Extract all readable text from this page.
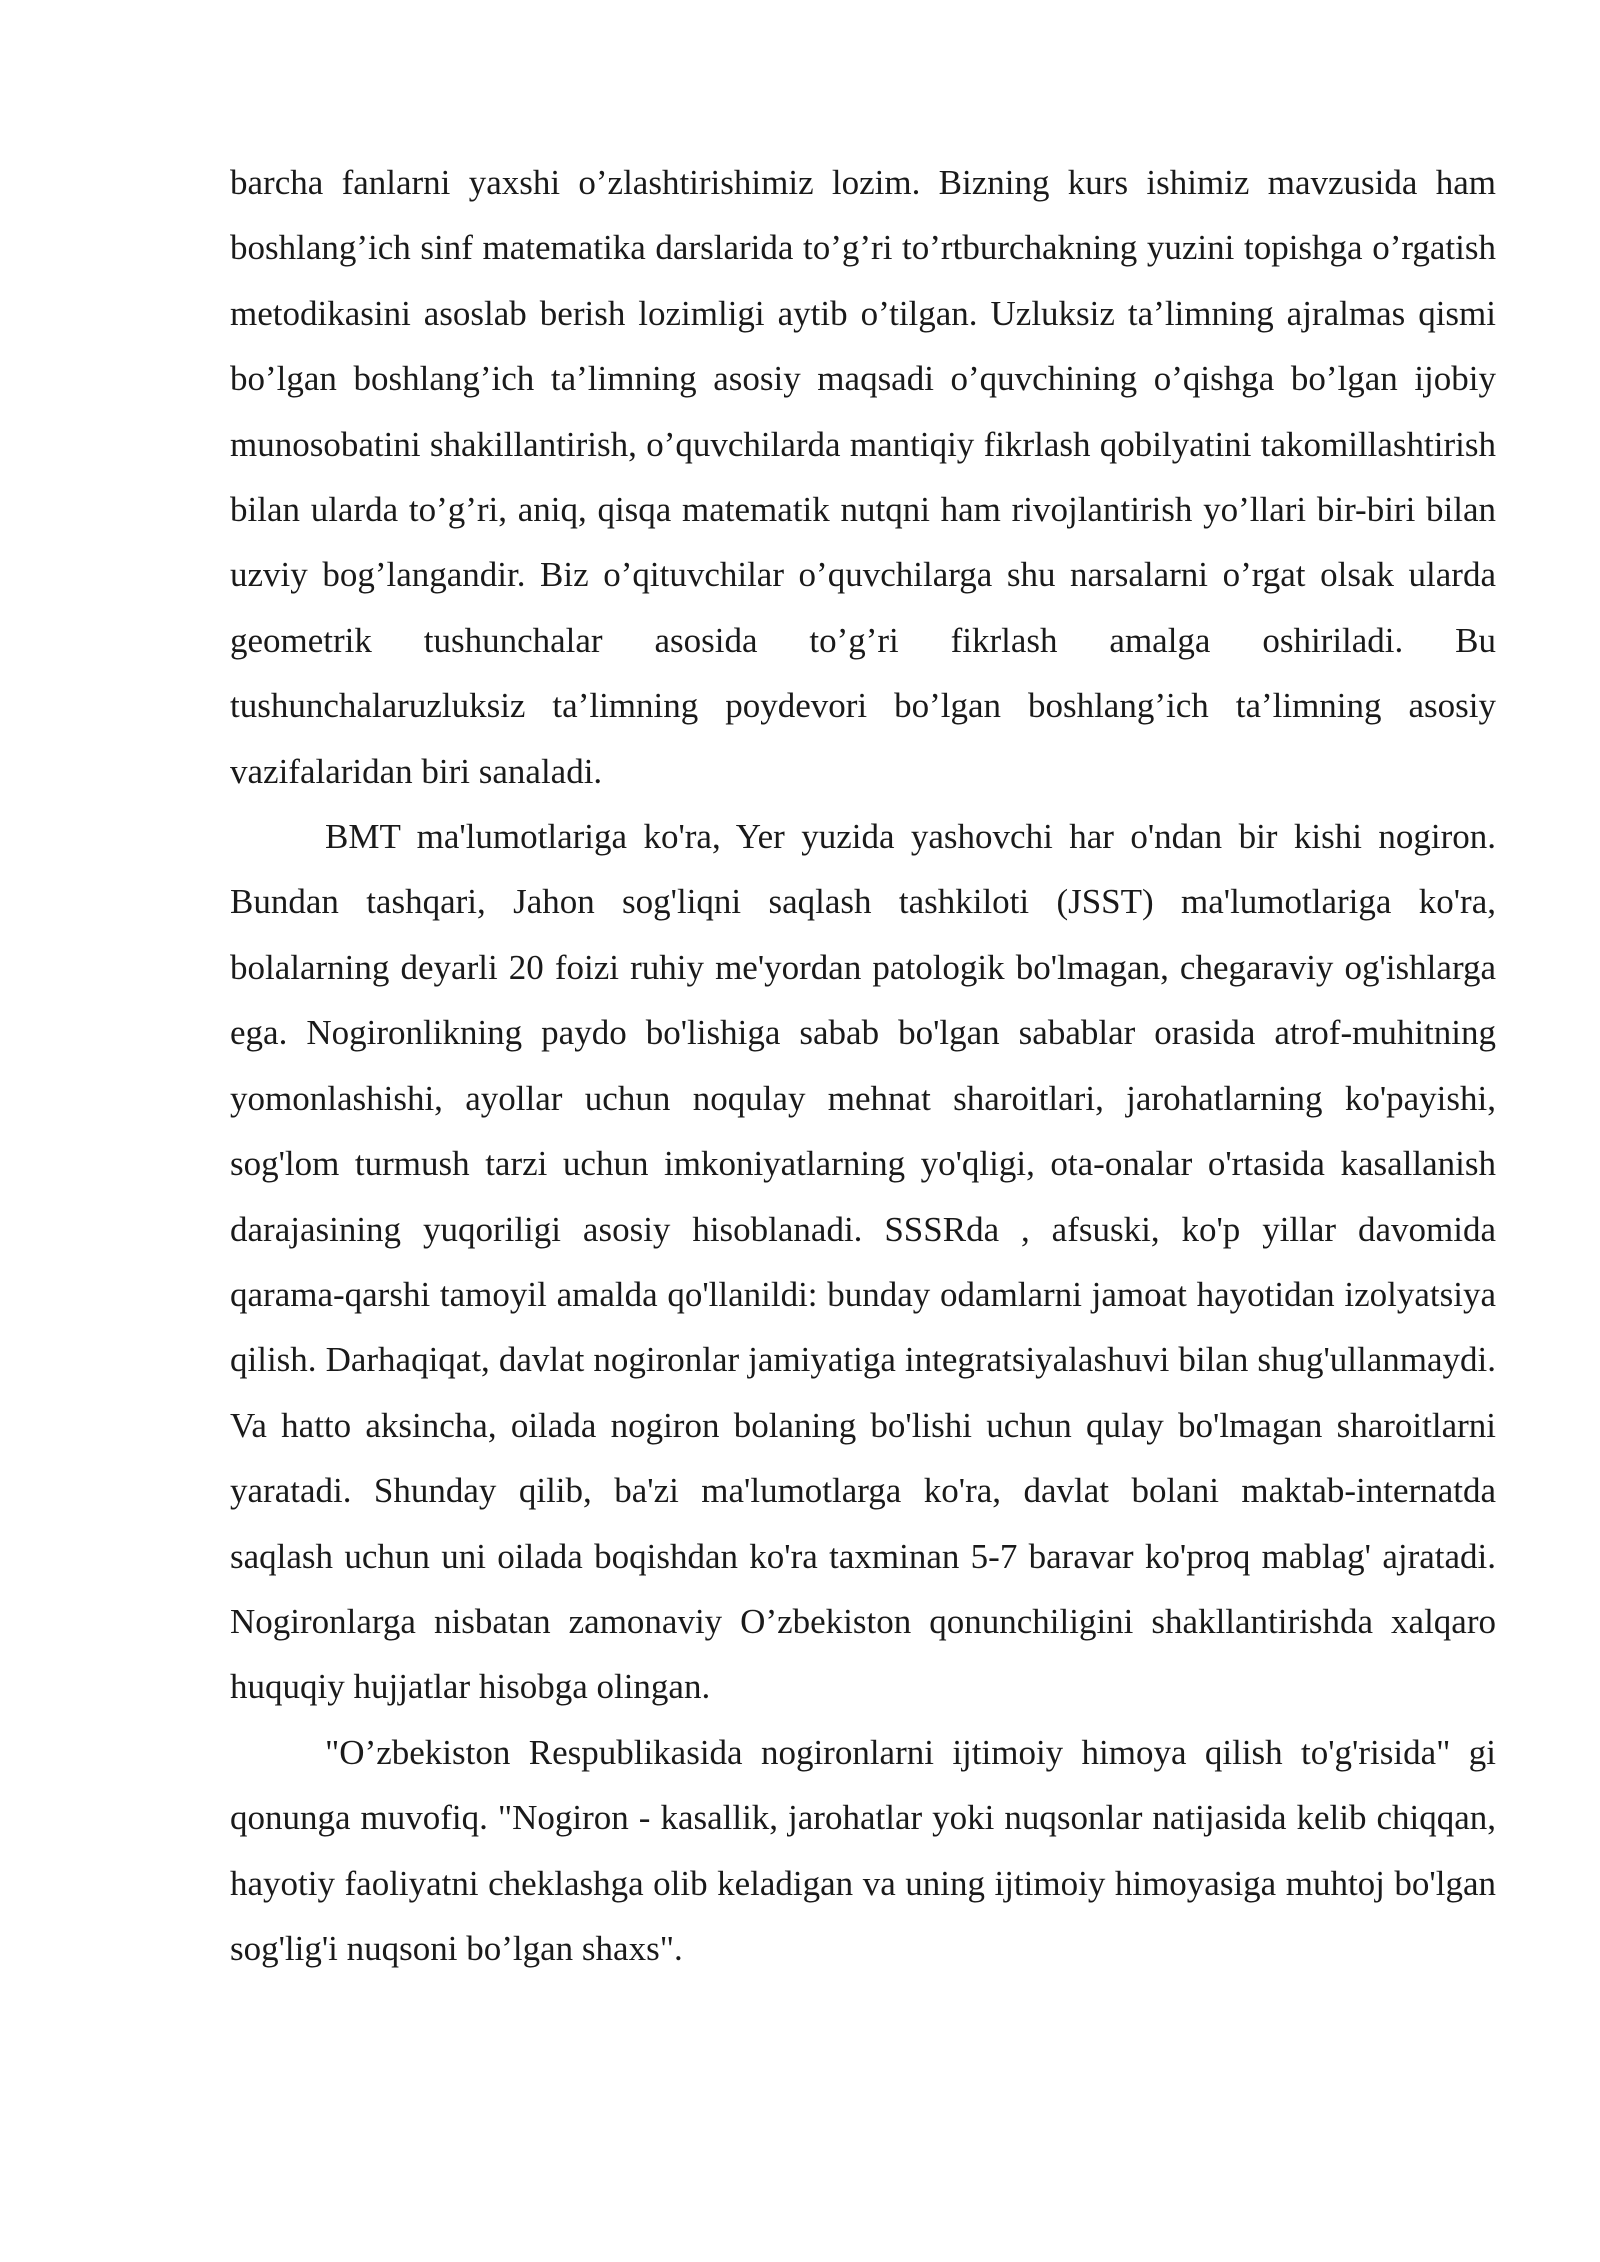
barcha fanlarni yaxshi o’zlashtirishimiz lozim. Bizning kurs ishimiz mavzusida ham boshlang’ich sinf matematika darslarida to’g’ri to’rtburchakning yuzini topishga o’rgatish metodikasini asoslab berish lozimligi aytib o’tilgan. Uzluksiz ta’limning ajralmas qismi bo’lgan boshlang’ich ta’limning asosiy maqsadi o’quvchining o’qishga bo’lgan ijobiy munosobatini shakillantirish, o’quvchilarda mantiqiy fikrlash qobilyatini takomillashtirish bilan ularda to’g’ri, aniq, qisqa matematik nutqni ham rivojlantirish yo’llari bir-biri bilan uzviy bog’langandir. Biz o’qituvchilar o’quvchilarga shu narsalarni o’rgat olsak ularda geometrik tushunchalar asosida to’g’ri fikrlash amalga oshiriladi. Bu tushunchalaruzluksiz ta’limning poydevori bo’lgan boshlang’ich ta’limning asosiy vazifalaridan biri sanaladi.

BMT ma'lumotlariga ko'ra, Yer yuzida yashovchi har o'ndan bir kishi nogiron. Bundan tashqari, Jahon sog'liqni saqlash tashkiloti (JSST) ma'lumotlariga ko'ra, bolalarning deyarli 20 foizi ruhiy me'yordan patologik bo'lmagan, chegaraviy og'ishlarga ega. Nogironlikning paydo bo'lishiga sabab bo'lgan sabablar orasida atrof-muhitning yomonlashishi, ayollar uchun noqulay mehnat sharoitlari, jarohatlarning ko'payishi, sog'lom turmush tarzi uchun imkoniyatlarning yo'qligi, ota-onalar o'rtasida kasallanish darajasining yuqoriligi asosiy hisoblanadi. SSSRda , afsuski, ko'p yillar davomida qarama-qarshi tamoyil amalda qo'llanildi: bunday odamlarni jamoat hayotidan izolyatsiya qilish. Darhaqiqat, davlat nogironlar jamiyatiga integratsiyalashuvi bilan shug'ullanmaydi. Va hatto aksincha, oilada nogiron bolaning bo'lishi uchun qulay bo'lmagan sharoitlarni yaratadi. Shunday qilib, ba'zi ma'lumotlarga ko'ra, davlat bolani maktab-internatda saqlash uchun uni oilada boqishdan ko'ra taxminan 5-7 baravar ko'proq mablag' ajratadi. Nogironlarga nisbatan zamonaviy O’zbekiston qonunchiligini shakllantirishda xalqaro huquqiy hujjatlar hisobga olingan.

"O’zbekiston Respublikasida nogironlarni ijtimoiy himoya qilish to'g'risida" gi qonunga muvofiq. "Nogiron - kasallik, jarohatlar yoki nuqsonlar natijasida kelib chiqqan, hayotiy faoliyatni cheklashga olib keladigan va uning ijtimoiy himoyasiga muhtoj bo'lgan sog'lig'i nuqsoni bo’lgan shaxs".
